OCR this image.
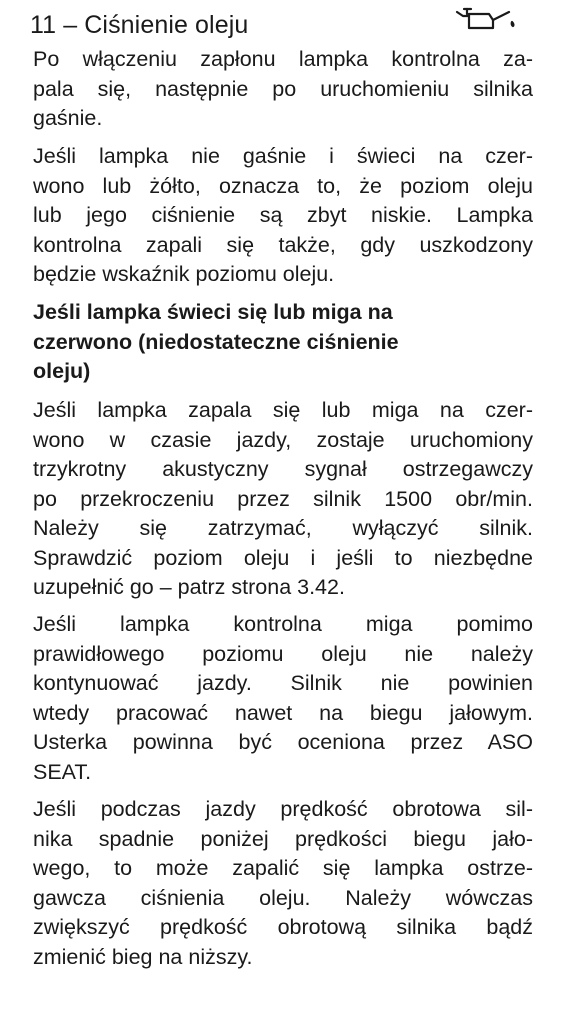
11 – Ciśnienie oleju
Po włączeniu zapłonu lampka kontrolna za-
pala się, następnie po uruchomieniu silnika
gaśnie.
Jeśli lampka nie gaśnie i świeci na czer-
wono lub żółto, oznacza to, że poziom oleju
lub jego ciśnienie są zbyt niskie. Lampka
kontrolna zapali się także, gdy uszkodzony
będzie wskaźnik poziomu oleju.
Jeśli lampka świeci się lub miga na
czerwono (niedostateczne ciśnienie
oleju)
Jeśli lampka zapala się lub miga na czer-
wono w czasie jazdy, zostaje uruchomiony
trzykrotny akustyczny sygnał ostrzegawczy
po przekroczeniu przez silnik 1500 obr/min.
Należy się zatrzymać, wyłączyć silnik.
Sprawdzić poziom oleju i jeśli to niezbędne
uzupełnić go – patrz strona 3.42.
Jeśli lampka kontrolna miga pomimo
prawidłowego poziomu oleju nie należy
kontynuować jazdy. Silnik nie powinien
wtedy pracować nawet na biegu jałowym.
Usterka powinna być oceniona przez ASO
SEAT.
Jeśli podczas jazdy prędkość obrotowa sil-
nika spadnie poniżej prędkości biegu jało-
wego, to może zapalić się lampka ostrze-
gawcza ciśnienia oleju. Należy wówczas
zwiększyć prędkość obrotową silnika bądź
zmienić bieg na niższy.
